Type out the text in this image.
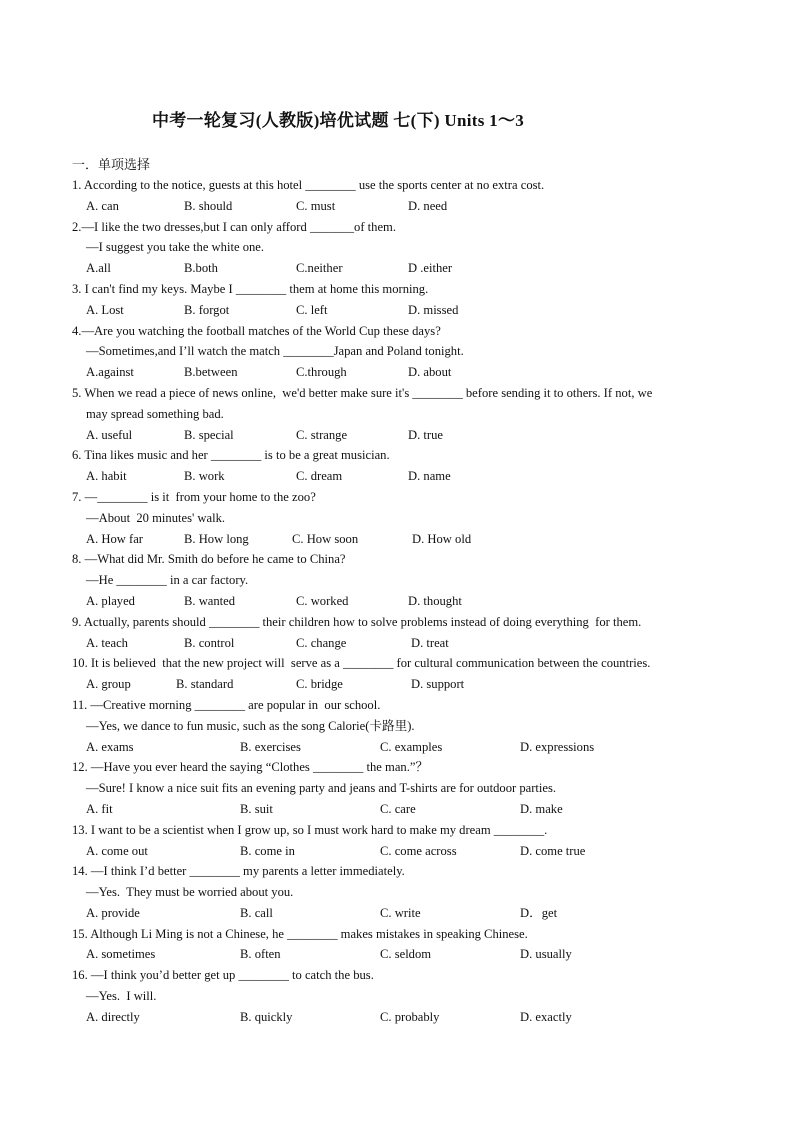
中考一轮复习(人教版)培优试题 七(下) Units 1～3
一．单项选择
1. According to the notice, guests at this hotel ________ use the sports center at no extra cost.
A. can	B. should	C. must	D. need
2.—I like the two dresses,but I can only afford _______of them.
—I suggest you take the white one.
A.all	B.both	C.neither	D .either
3. I can't find my keys. Maybe I ________ them at home this morning.
A. Lost	B. forgot	C. left	D. missed
4.—Are you watching the football matches of the World Cup these days?
—Sometimes,and I’ll watch the match ________Japan and Poland tonight.
A.against	B.between	C.through	D. about
5. When we read a piece of news online,  we'd better make sure it's ________ before sending it to others. If not, we
may spread something bad.
A. useful	B. special	C. strange	D. true
6. Tina likes music and her ________ is to be a great musician.
A. habit	B. work	C. dream	D. name
7. —________ is it  from your home to the zoo?
—About  20 minutes' walk.
A. How far	B. How long	C. How soon	D. How old
8. —What did Mr. Smith do before he came to China?
—He ________ in a car factory.
A. played	B. wanted	C. worked	D. thought
9. Actually, parents should ________ their children how to solve problems instead of doing everything  for them.
A. teach	B. control	C. change	D. treat
10. It is believed  that the new project will  serve as a ________ for cultural communication between the countries.
A. group	B. standard	C. bridge	D. support
11. —Creative morning ________ are popular in  our school.
—Yes, we dance to fun music, such as the song Calorie(卡路里).
A. exams	B. exercises	C. examples	D. expressions
12. —Have you ever heard the saying “Clothes ________ the man.”？
—Sure! I know a nice suit fits an evening party and jeans and T-shirts are for outdoor parties.
A. fit	B. suit	C. care	D. make
13. I want to be a scientist when I grow up, so I must work hard to make my dream ________.
A. come out	B. come in	C. come across	D. come true
14. —I think I’d better ________ my parents a letter immediately.
—Yes.  They must be worried about you.
A. provide	B. call	C. write	D．get
15. Although Li Ming is not a Chinese, he ________ makes mistakes in speaking Chinese.
A. sometimes	B. often	C. seldom	D. usually
16. —I think you’d better get up ________ to catch the bus.
—Yes.  I will.
A. directly	B. quickly	C. probably	D. exactly
